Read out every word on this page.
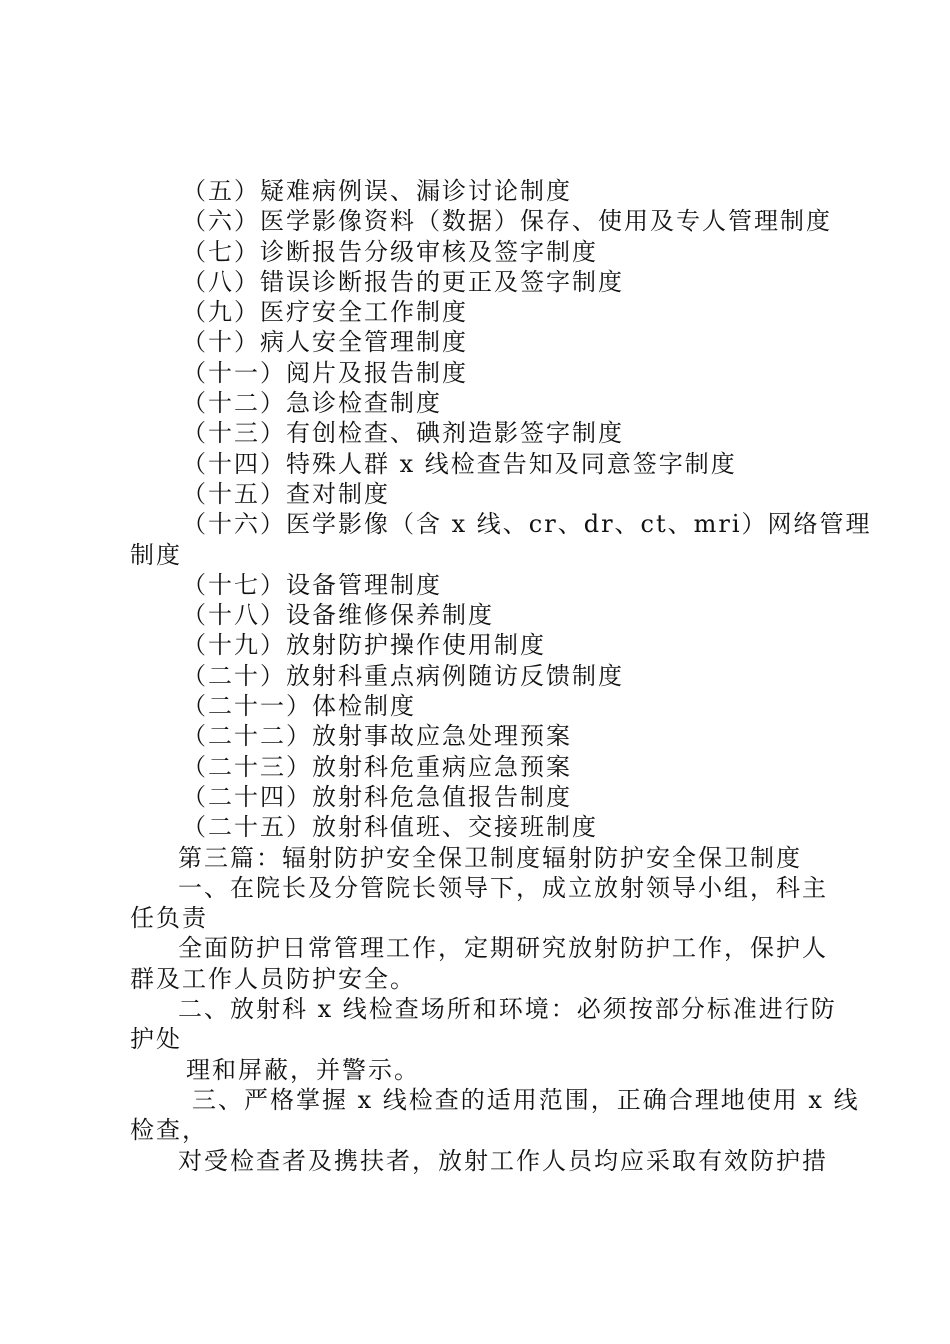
（五）疑难病例误、漏诊讨论制度
（六）医学影像资料（数据）保存、使用及专人管理制度
（七）诊断报告分级审核及签字制度
（八）错误诊断报告的更正及签字制度
（九）医疗安全工作制度
（十）病人安全管理制度
（十一）阅片及报告制度
（十二）急诊检查制度
（十三）有创检查、碘剂造影签字制度
（十四）特殊人群 x 线检查告知及同意签字制度
（十五）查对制度
（十六）医学影像（含 x 线、cr、dr、ct、mri）网络管理
制度
（十七）设备管理制度
（十八）设备维修保养制度
（十九）放射防护操作使用制度
（二十）放射科重点病例随访反馈制度
（二十一）体检制度
（二十二）放射事故应急处理预案
（二十三）放射科危重病应急预案
（二十四）放射科危急值报告制度
（二十五）放射科值班、交接班制度
第三篇：辐射防护安全保卫制度辐射防护安全保卫制度
一、在院长及分管院长领导下，成立放射领导小组，科主
任负责
全面防护日常管理工作，定期研究放射防护工作，保护人
群及工作人员防护安全。
二、放射科 x 线检查场所和环境：必须按部分标准进行防
护处
理和屏蔽，并警示。
三、严格掌握 x 线检查的适用范围，正确合理地使用 x 线
检查，
对受检查者及携扶者，放射工作人员均应采取有效防护措
